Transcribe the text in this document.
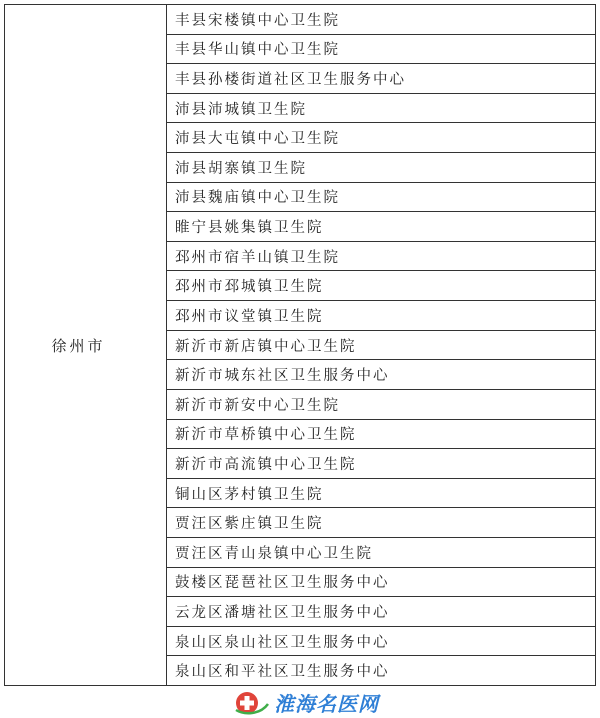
徐州市
丰县宋楼镇中心卫生院
丰县华山镇中心卫生院
丰县孙楼街道社区卫生服务中心
沛县沛城镇卫生院
沛县大屯镇中心卫生院
沛县胡寨镇卫生院
沛县魏庙镇中心卫生院
睢宁县姚集镇卫生院
邳州市宿羊山镇卫生院
邳州市邳城镇卫生院
邳州市议堂镇卫生院
新沂市新店镇中心卫生院
新沂市城东社区卫生服务中心
新沂市新安中心卫生院
新沂市草桥镇中心卫生院
新沂市高流镇中心卫生院
铜山区茅村镇卫生院
贾汪区紫庄镇卫生院
贾汪区青山泉镇中心卫生院
鼓楼区琵琶社区卫生服务中心
云龙区潘塘社区卫生服务中心
泉山区泉山社区卫生服务中心
泉山区和平社区卫生服务中心
淮海名医网
